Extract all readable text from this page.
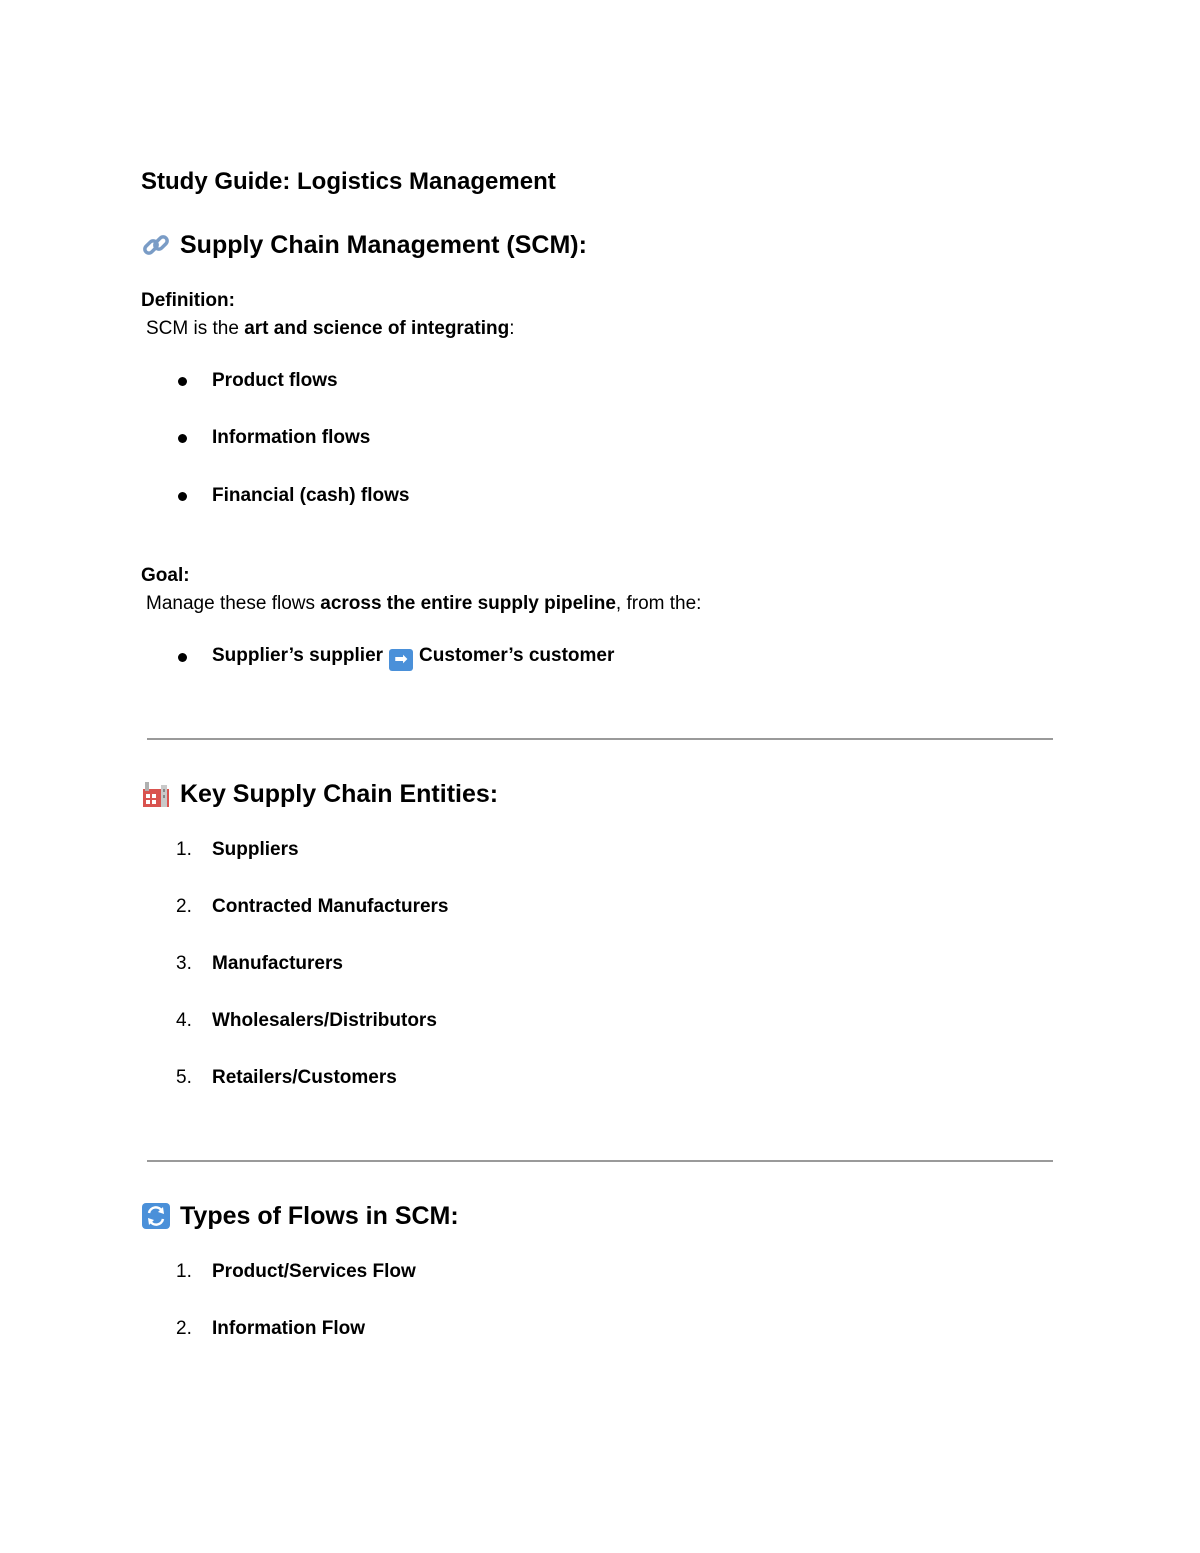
Study Guide: Logistics Management
Supply Chain Management (SCM):
Definition:
SCM is the art and science of integrating:
Product flows
Information flows
Financial (cash) flows
Goal:
Manage these flows across the entire supply pipeline, from the:
Supplier’s supplier ➡ Customer’s customer
Key Supply Chain Entities:
1. Suppliers
2. Contracted Manufacturers
3. Manufacturers
4. Wholesalers/Distributors
5. Retailers/Customers
Types of Flows in SCM:
1. Product/Services Flow
2. Information Flow
